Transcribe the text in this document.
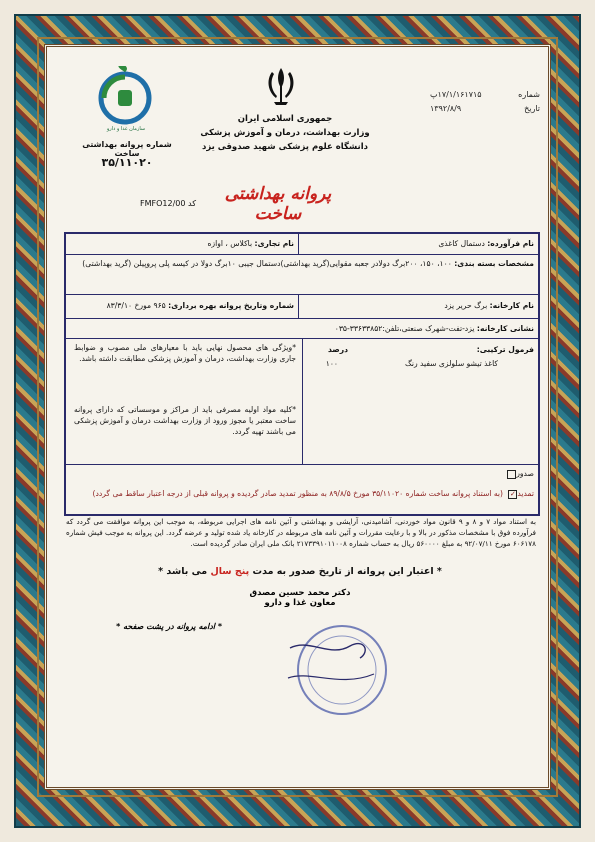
شماره
۱۷/۱/۱۶۱۷۱۵پ
تاریخ
۱۳۹۲/۸/۹
جمهوری اسلامی ایران
وزارت بهداشت، درمان و آموزش پزشکی
دانشگاه علوم پزشکی شهید صدوقی یزد
سازمان غذا و دارو
شماره پروانه بهداشتی ساخت
۳۵/۱۱۰۲۰
پروانه بهداشتی ساخت
FMFO12/00 کد
نام فرآورده: دستمال کاغذی
نام تجاری: باکلاس ، اوازه
مشخصات بسته بندی: ۱۰۰، ۱۵۰، ۲۰۰برگ دولادر جعبه مقوایی(گرید بهداشتی)دستمال جیبی ۱۰برگ دولا در کیسه پلی پروپیلن (گرید بهداشتی)
نام کارخانه: برگ حریر یزد
شماره وتاریخ پروانه بهره برداری: ۹۶۵ مورخ ۸۳/۳/۱۰
نشانی کارخانه: یزد-تفت-شهرک صنعتی،تلفن:۳۳۶۳۳۸۵۲-۰۳۵
فرمول ترکیبی:
درصد
کاغذ تیشو سلولزی سفید رنگ
۱۰۰
*ویژگی های محصول نهایی باید با معیارهای ملی مصوب و ضوابط جاری وزارت بهداشت، درمان و آموزش پزشکی مطابقت داشته باشد.
*کلیه مواد اولیه مصرفی باید از مراکز و موسساتی که دارای پروانه ساخت معتبر یا مجوز ورود از وزارت بهداشت درمان و آموزش پزشکی می باشند تهیه گردد.
صدور
تمدید✓ (به استناد پروانه ساخت شماره ۳۵/۱۱۰۲۰ مورخ ۸۹/۸/۵ به منظور تمدید صادر گردیده و پروانه قبلی از درجه اعتبار ساقط می گردد)
به استناد مواد ۷ و ۸ و ۹ قانون مواد خوردنی، آشامیدنی، آرایشی و بهداشتی و آئین نامه های اجرایی مربوطه، به موجب این پروانه موافقت می گردد که فرآورده فوق با مشخصات مذکور در بالا و با رعایت مقررات و آئین نامه های مربوطه در کارخانه یاد شده تولید و عرضه گردد. این پروانه به موجب فیش شماره ۶۰۶۱۷۸ مورخ ۹۲/۰۷/۱۱ به مبلغ ۵۶۰۰۰۰ ریال به حساب شماره ۲۱۷۳۳۹۱۰۱۱۰۰۸ بانک ملی ایران صادر گردیده است.
* اعتبار این پروانه از تاریخ صدور به مدت پنج سال می باشد *
دکتر محمد حسین مصدق
معاون غذا و دارو
* ادامه پروانه در پشت صفحه *
